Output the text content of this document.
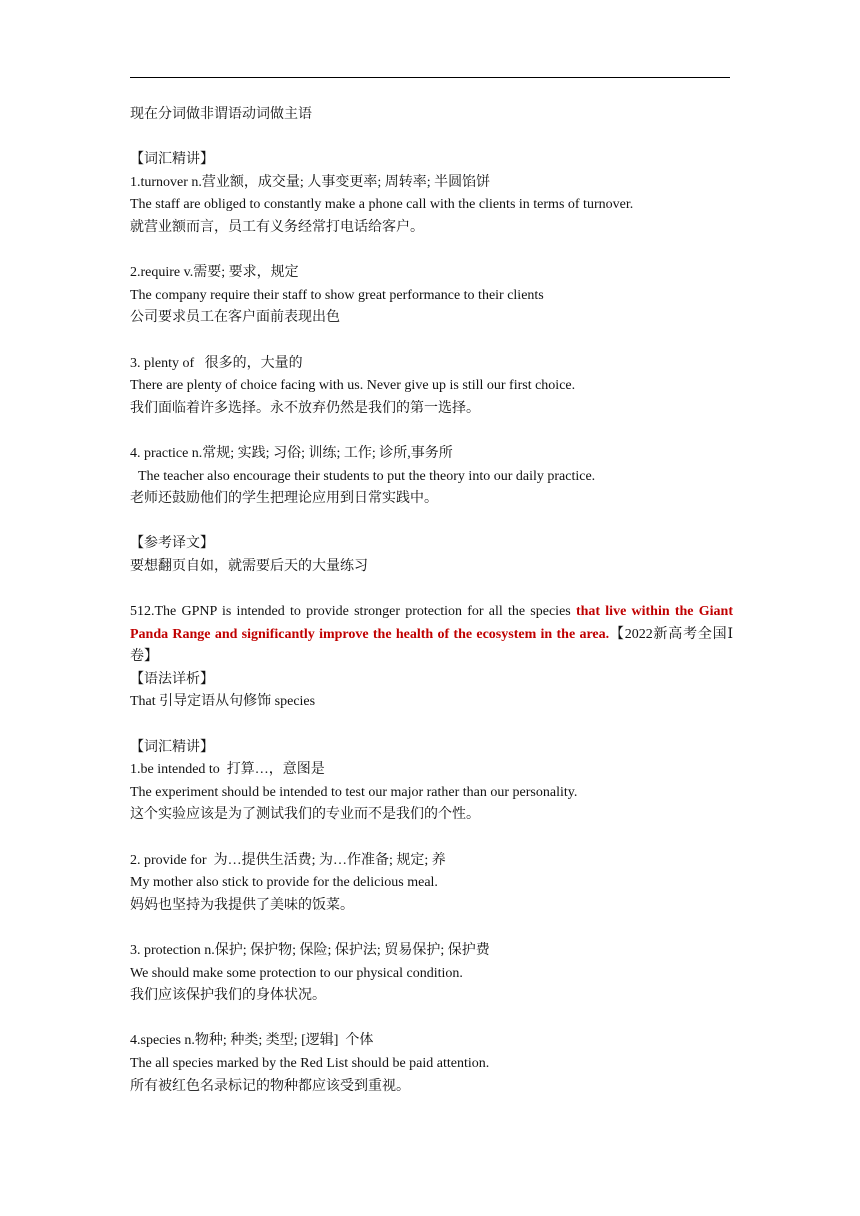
现在分词做非谓语动词做主语
【词汇精讲】
1.turnover n.营业额，成交量; 人事变更率; 周转率; 半圆馅饼
The staff are obliged to constantly make a phone call with the clients in terms of turnover.
就营业额而言，员工有义务经常打电话给客户。
2.require v.需要; 要求，规定
The company require their staff to show great performance to their clients
公司要求员工在客户面前表现出色
3. plenty of   很多的，大量的
There are plenty of choice facing with us. Never give up is still our first choice.
我们面临着许多选择。永不放弃仍然是我们的第一选择。
4. practice n.常规; 实践; 习俗; 训练; 工作; 诊所,事务所
The teacher also encourage their students to put the theory into our daily practice.
老师还鼓励他们的学生把理论应用到日常实践中。
【参考译文】
要想翻页自如，就需要后天的大量练习
512.The GPNP is intended to provide stronger protection for all the species that live within the Giant Panda Range and significantly improve the health of the ecosystem in the area.【2022新高考全国Ⅰ卷】
【语法详析】
That 引导定语从句修饰 species
【词汇精讲】
1.be intended to  打算…，意图是
The experiment should be intended to test our major rather than our personality.
这个实验应该是为了测试我们的专业而不是我们的个性。
2. provide for  为…提供生活费; 为…作准备; 规定; 养
My mother also stick to provide for the delicious meal.
妈妈也坚持为我提供了美味的饭菜。
3. protection n.保护; 保护物; 保险; 保护法; 贸易保护; 保护费
We should make some protection to our physical condition.
我们应该保护我们的身体状况。
4.species n.物种; 种类; 类型; [逻辑]  个体
The all species marked by the Red List should be paid attention.
所有被红色名录标记的物种都应该受到重视。
